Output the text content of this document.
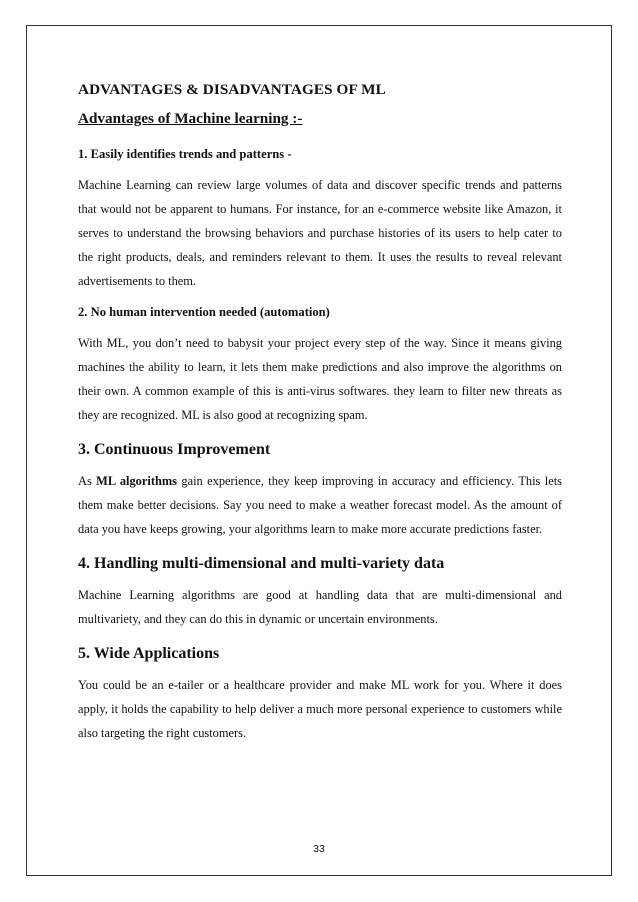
ADVANTAGES & DISADVANTAGES OF ML
Advantages of Machine learning :-
1. Easily identifies trends and patterns -

Machine Learning can review large volumes of data and discover specific trends and patterns that would not be apparent to humans. For instance, for an e-commerce website like Amazon, it serves to understand the browsing behaviors and purchase histories of its users to help cater to the right products, deals, and reminders relevant to them. It uses the results to reveal relevant advertisements to them.

2. No human intervention needed (automation)

With ML, you don’t need to babysit your project every step of the way. Since it means giving machines the ability to learn, it lets them make predictions and also improve the algorithms on their own. A common example of this is anti-virus softwares. they learn to filter new threats as they are recognized. ML is also good at recognizing spam.

3. Continuous Improvement

As ML algorithms gain experience, they keep improving in accuracy and efficiency. This lets them make better decisions. Say you need to make a weather forecast model. As the amount of data you have keeps growing, your algorithms learn to make more accurate predictions faster.

4. Handling multi-dimensional and multi-variety data

Machine Learning algorithms are good at handling data that are multi-dimensional and multivariety, and they can do this in dynamic or uncertain environments.

5. Wide Applications

You could be an e-tailer or a healthcare provider and make ML work for you. Where it does apply, it holds the capability to help deliver a much more personal experience to customers while also targeting the right customers.

33
